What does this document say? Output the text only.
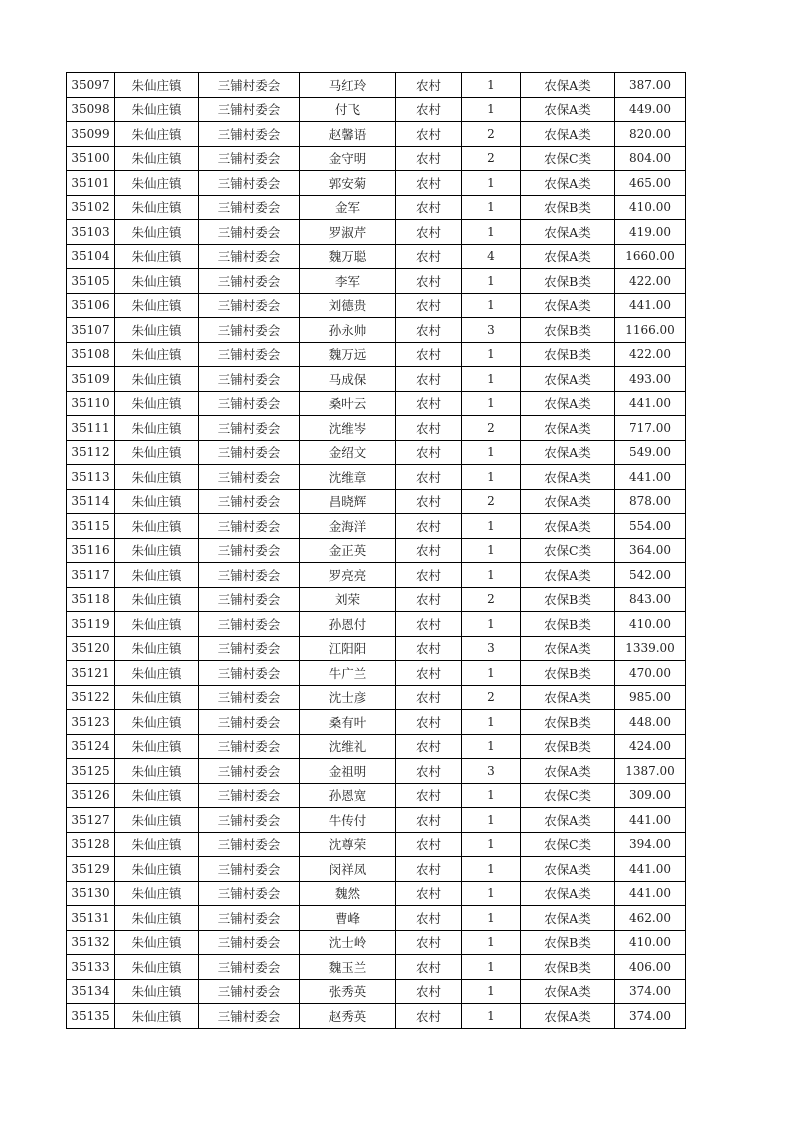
35097	朱仙庄镇	三铺村委会	马红玲	农村	1	农保A类	387.00
35098	朱仙庄镇	三铺村委会	付飞	农村	1	农保A类	449.00
35099	朱仙庄镇	三铺村委会	赵馨语	农村	2	农保A类	820.00
35100	朱仙庄镇	三铺村委会	金守明	农村	2	农保C类	804.00
35101	朱仙庄镇	三铺村委会	郭安菊	农村	1	农保A类	465.00
35102	朱仙庄镇	三铺村委会	金军	农村	1	农保B类	410.00
35103	朱仙庄镇	三铺村委会	罗淑芹	农村	1	农保A类	419.00
35104	朱仙庄镇	三铺村委会	魏万聪	农村	4	农保A类	1660.00
35105	朱仙庄镇	三铺村委会	李军	农村	1	农保B类	422.00
35106	朱仙庄镇	三铺村委会	刘德贵	农村	1	农保A类	441.00
35107	朱仙庄镇	三铺村委会	孙永帅	农村	3	农保B类	1166.00
35108	朱仙庄镇	三铺村委会	魏万远	农村	1	农保B类	422.00
35109	朱仙庄镇	三铺村委会	马成保	农村	1	农保A类	493.00
35110	朱仙庄镇	三铺村委会	桑叶云	农村	1	农保A类	441.00
35111	朱仙庄镇	三铺村委会	沈维岑	农村	2	农保A类	717.00
35112	朱仙庄镇	三铺村委会	金绍文	农村	1	农保A类	549.00
35113	朱仙庄镇	三铺村委会	沈维章	农村	1	农保A类	441.00
35114	朱仙庄镇	三铺村委会	昌晓辉	农村	2	农保A类	878.00
35115	朱仙庄镇	三铺村委会	金海洋	农村	1	农保A类	554.00
35116	朱仙庄镇	三铺村委会	金正英	农村	1	农保C类	364.00
35117	朱仙庄镇	三铺村委会	罗亮亮	农村	1	农保A类	542.00
35118	朱仙庄镇	三铺村委会	刘荣	农村	2	农保B类	843.00
35119	朱仙庄镇	三铺村委会	孙恩付	农村	1	农保B类	410.00
35120	朱仙庄镇	三铺村委会	江阳阳	农村	3	农保A类	1339.00
35121	朱仙庄镇	三铺村委会	牛广兰	农村	1	农保B类	470.00
35122	朱仙庄镇	三铺村委会	沈士彦	农村	2	农保A类	985.00
35123	朱仙庄镇	三铺村委会	桑有叶	农村	1	农保B类	448.00
35124	朱仙庄镇	三铺村委会	沈维礼	农村	1	农保B类	424.00
35125	朱仙庄镇	三铺村委会	金祖明	农村	3	农保A类	1387.00
35126	朱仙庄镇	三铺村委会	孙恩宽	农村	1	农保C类	309.00
35127	朱仙庄镇	三铺村委会	牛传付	农村	1	农保A类	441.00
35128	朱仙庄镇	三铺村委会	沈尊荣	农村	1	农保C类	394.00
35129	朱仙庄镇	三铺村委会	闵祥凤	农村	1	农保A类	441.00
35130	朱仙庄镇	三铺村委会	魏然	农村	1	农保A类	441.00
35131	朱仙庄镇	三铺村委会	曹峰	农村	1	农保A类	462.00
35132	朱仙庄镇	三铺村委会	沈士岭	农村	1	农保B类	410.00
35133	朱仙庄镇	三铺村委会	魏玉兰	农村	1	农保B类	406.00
35134	朱仙庄镇	三铺村委会	张秀英	农村	1	农保A类	374.00
35135	朱仙庄镇	三铺村委会	赵秀英	农村	1	农保A类	374.00
